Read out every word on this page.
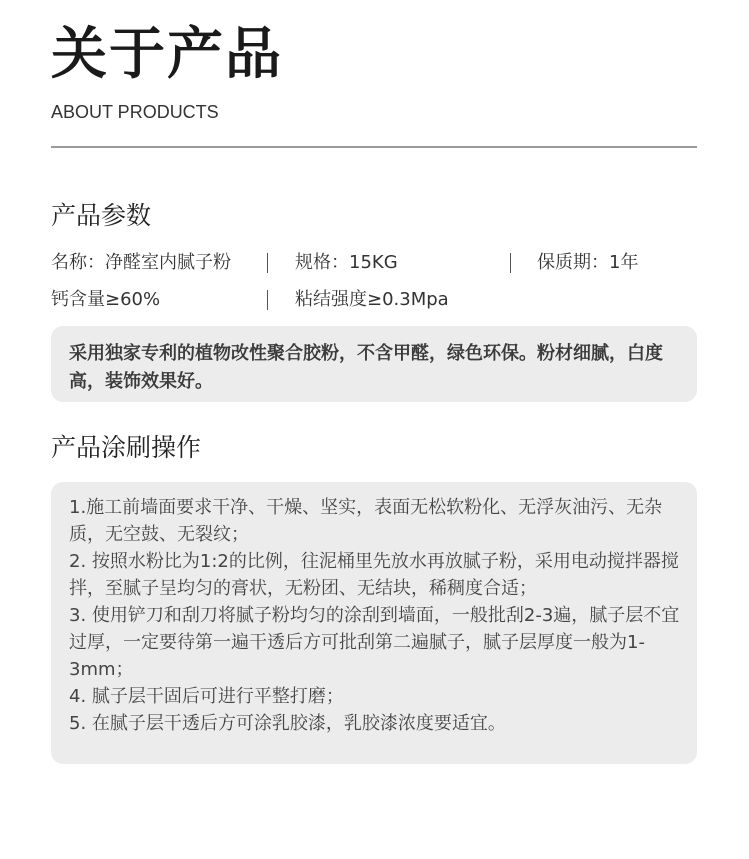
关于产品
ABOUT PRODUCTS
产品参数
名称：净醛室内腻子粉	规格：15KG	保质期：1年
钙含量≥60%	粘结强度≥0.3Mpa

采用独家专利的植物改性聚合胶粉，不含甲醛，绿色环保。粉材细腻，白度高，装饰效果好。

产品涂刷操作

1.施工前墙面要求干净、干燥、坚实，表面无松软粉化、无浮灰油污、无杂质，无空鼓、无裂纹；

2. 按照水粉比为1:2的比例，往泥桶里先放水再放腻子粉，采用电动搅拌器搅拌，至腻子呈均匀的膏状，无粉团、无结块，稀稠度合适；

3. 使用铲刀和刮刀将腻子粉均匀的涂刮到墙面，一般批刮2-3遍，腻子层不宜过厚，一定要待第一遍干透后方可批刮第二遍腻子，腻子层厚度一般为1-3mm；

4. 腻子层干固后可进行平整打磨；

5. 在腻子层干透后方可涂乳胶漆，乳胶漆浓度要适宜。
